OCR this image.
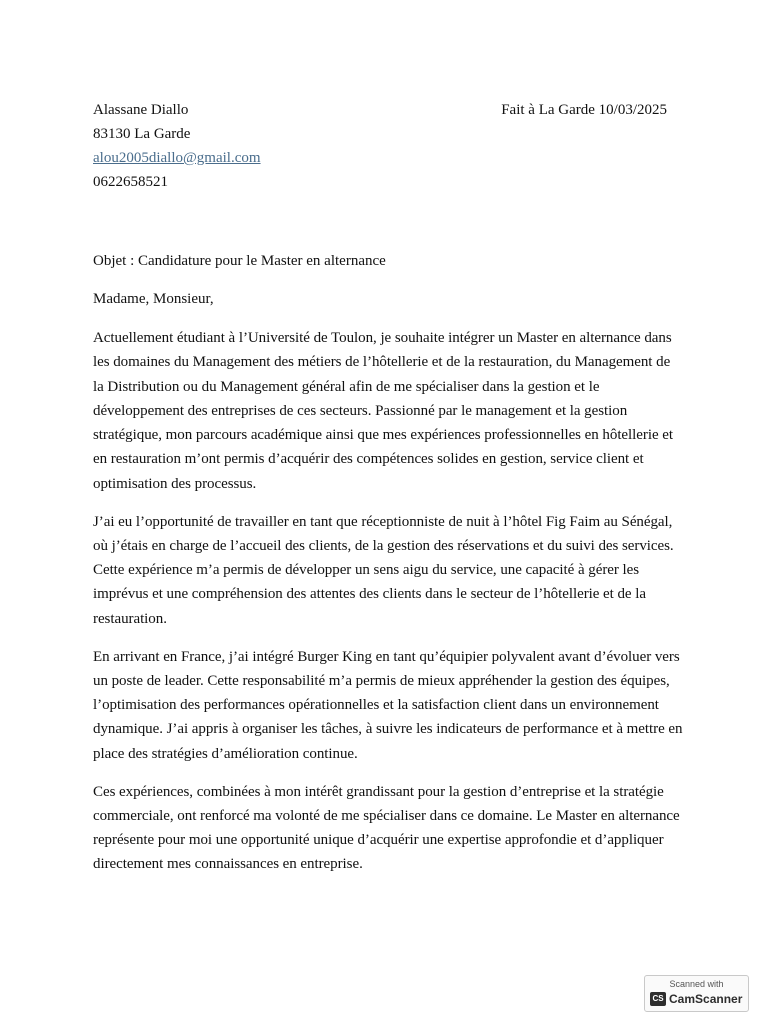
Alassane Diallo
83130 La Garde
alou2005diallo@gmail.com
0622658521
Fait à La Garde 10/03/2025
Objet : Candidature pour le Master en alternance
Madame, Monsieur,

Actuellement étudiant à l’Université de Toulon, je souhaite intégrer un Master en alternance dans les domaines du Management des métiers de l’hôtellerie et de la restauration, du Management de la Distribution ou du Management général afin de me spécialiser dans la gestion et le développement des entreprises de ces secteurs. Passionné par le management et la gestion stratégique, mon parcours académique ainsi que mes expériences professionnelles en hôtellerie et en restauration m’ont permis d’acquérir des compétences solides en gestion, service client et optimisation des processus.

J’ai eu l’opportunité de travailler en tant que réceptionniste de nuit à l’hôtel Fig Faim au Sénégal, où j’étais en charge de l’accueil des clients, de la gestion des réservations et du suivi des services. Cette expérience m’a permis de développer un sens aigu du service, une capacité à gérer les imprévus et une compréhension des attentes des clients dans le secteur de l’hôtellerie et de la restauration.

En arrivant en France, j’ai intégré Burger King en tant qu’équipier polyvalent avant d’évoluer vers un poste de leader. Cette responsabilité m’a permis de mieux appréhender la gestion des équipes, l’optimisation des performances opérationnelles et la satisfaction client dans un environnement dynamique. J’ai appris à organiser les tâches, à suivre les indicateurs de performance et à mettre en place des stratégies d’amélioration continue.

Ces expériences, combinées à mon intérêt grandissant pour la gestion d’entreprise et la stratégie commerciale, ont renforcé ma volonté de me spécialiser dans ce domaine. Le Master en alternance représente pour moi une opportunité unique d’acquérir une expertise approfondie et d’appliquer directement mes connaissances en entreprise.

Scanned with
CS CamScanner
